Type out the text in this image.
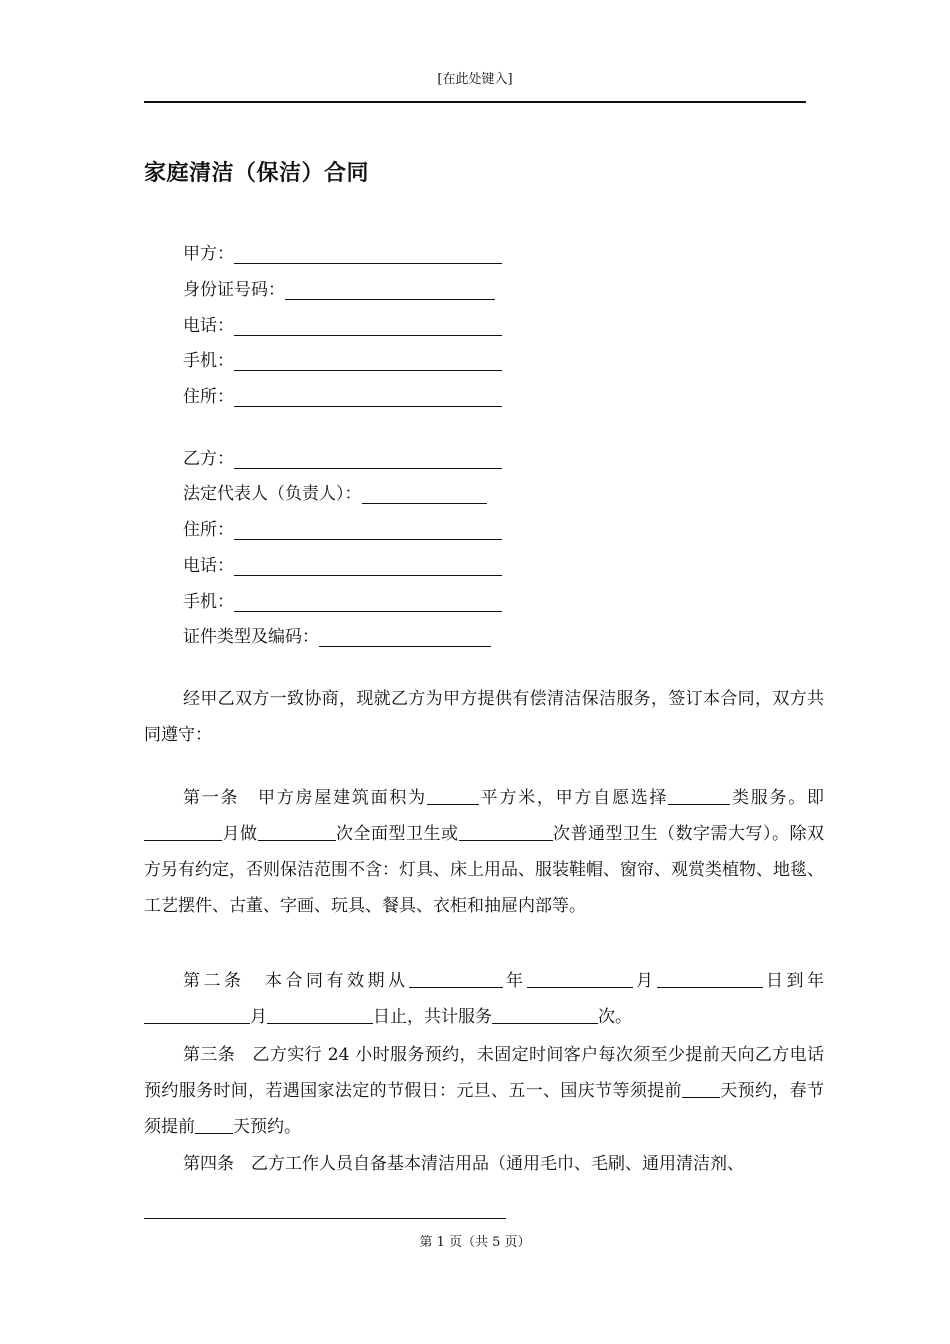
[在此处键入]
家庭清洁（保洁）合同
甲方：
身份证号码：
电话：
手机：
住所：
乙方：
法定代表人（负责人）：
住所：
电话：
手机：
证件类型及编码：
经甲乙双方一致协商，现就乙方为甲方提供有偿清洁保洁服务，签订本合同，双方共同遵守：
第一条　甲方房屋建筑面积为	平方米，甲方自愿选择	类服务。即月做	次全面型卫生或	次普通型卫生（数字需大写）。除双方另有约定，否则保洁范围不含：灯具、床上用品、服装鞋帽、窗帘、观赏类植物、地毯、工艺摆件、古董、字画、玩具、餐具、衣柜和抽屉内部等。
第二条　本合同有效期从	年	月	日到年月	日止，共计服务	次。
第三条　乙方实行 24 小时服务预约，未固定时间客户每次须至少提前天向乙方电话预约服务时间，若遇国家法定的节假日：元旦、五一、国庆节等须提前 天预约，春节须提前 天预约。
第四条　乙方工作人员自备基本清洁用品（通用毛巾、毛刷、通用清洁剂、
第 1 页（共 5 页）
